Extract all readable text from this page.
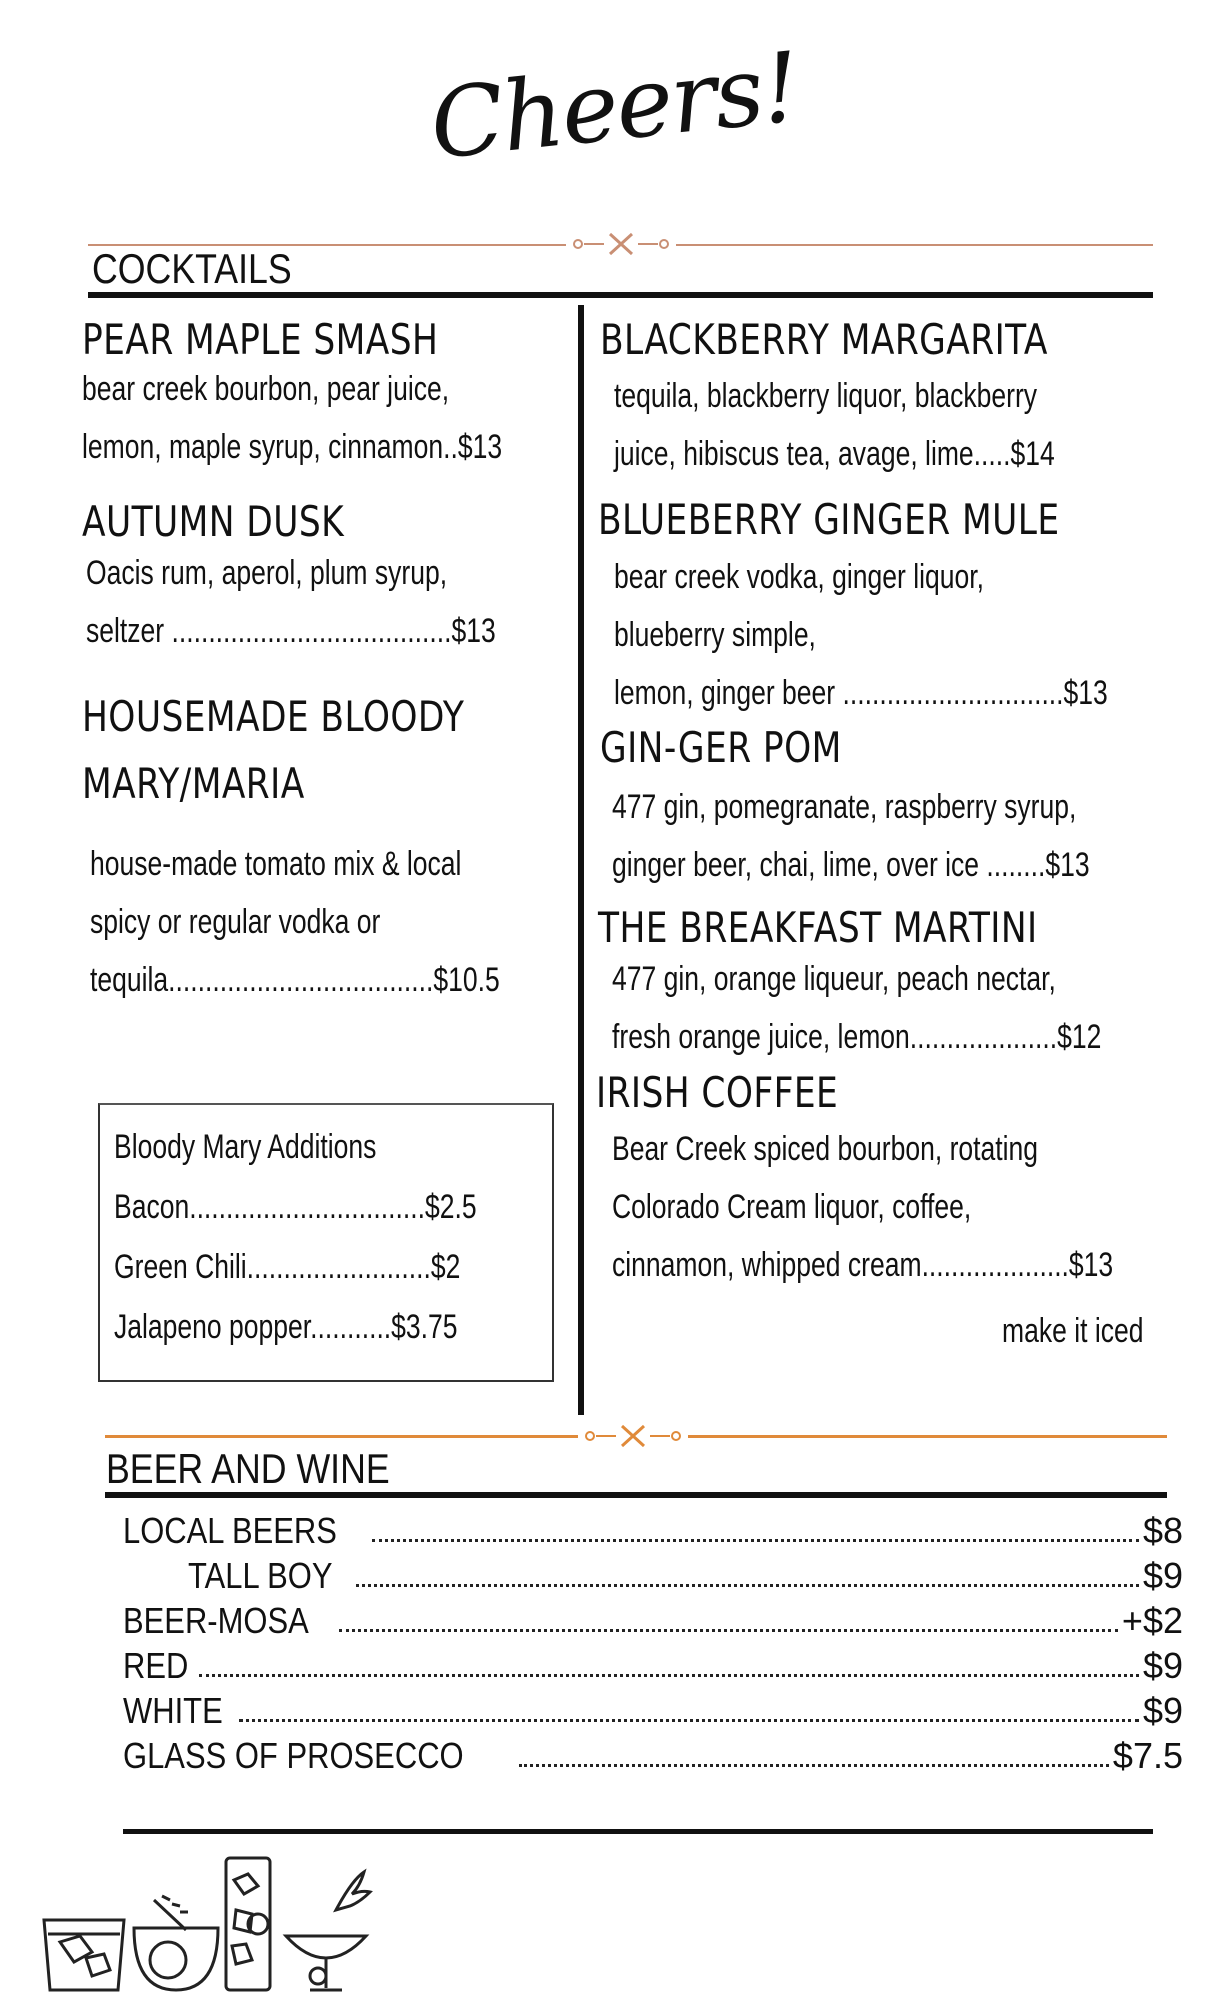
Cheers!
COCKTAILS
PEAR MAPLE SMASH
bear creek bourbon, pear juice,
lemon, maple syrup, cinnamon..$13
AUTUMN DUSK
Oacis rum, aperol, plum syrup,
seltzer ......................................$13
HOUSEMADE BLOODY
MARY/MARIA
house-made tomato mix & local
spicy or regular vodka or
tequila....................................$10.5
Bloody Mary Additions
Bacon................................$2.5
Green Chili.........................$2
Jalapeno popper...........$3.75
BLACKBERRY MARGARITA
tequila, blackberry liquor, blackberry
juice, hibiscus tea, avage, lime.....$14
BLUEBERRY GINGER MULE
bear creek vodka, ginger liquor,
blueberry simple,
lemon, ginger beer ..............................$13
GIN-GER POM
477 gin, pomegranate, raspberry syrup,
ginger beer, chai, lime, over ice ........$13
THE BREAKFAST MARTINI
477 gin, orange liqueur, peach nectar,
fresh orange juice, lemon....................$12
IRISH COFFEE
Bear Creek spiced bourbon, rotating
Colorado Cream liquor, coffee,
cinnamon, whipped cream....................$13
make it iced
BEER AND WINE
LOCAL BEERS	$8
TALL BOY	$9
BEER-MOSA	+$2
RED	$9
WHITE	$9
GLASS OF PROSECCO	$7.5
